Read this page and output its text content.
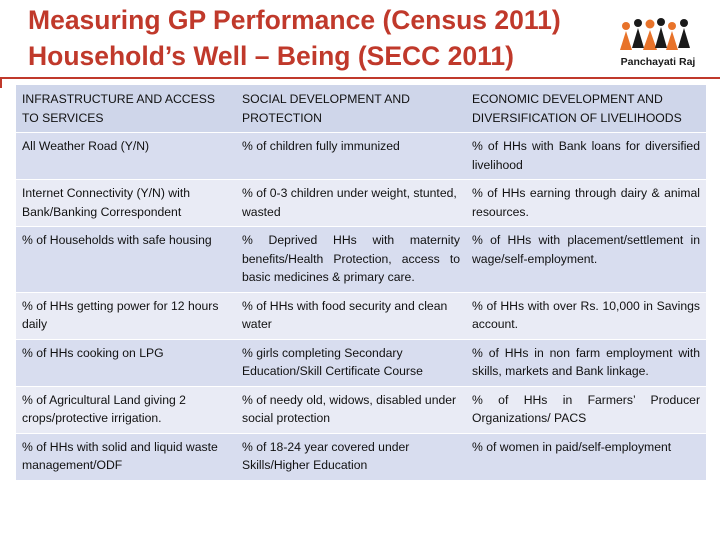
Measuring GP Performance (Census 2011)
Household’s Well – Being (SECC 2011)	Panchayati Raj
INFRASTRUCTURE AND ACCESS TO SERVICES	SOCIAL DEVELOPMENT AND PROTECTION	ECONOMIC DEVELOPMENT AND DIVERSIFICATION OF LIVELIHOODS
All Weather Road (Y/N)	% of children fully immunized	% of HHs with Bank loans for diversified livelihood
Internet Connectivity (Y/N) with Bank/Banking Correspondent	% of 0-3 children under weight, stunted, wasted	% of HHs earning through dairy & animal resources.
% of Households with safe housing	% Deprived HHs with maternity benefits/Health Protection, access to basic medicines & primary care.	% of HHs with placement/settlement in wage/self-employment.
% of HHs getting power for 12 hours daily	% of HHs with food security and clean water	% of HHs with over Rs. 10,000 in Savings account.
% of HHs cooking on LPG	% girls completing Secondary Education/Skill Certificate Course	% of HHs in non farm employment with skills, markets and Bank linkage.
% of Agricultural Land giving 2 crops/protective irrigation.	% of needy old, widows, disabled under social protection	% of HHs in Farmers’ Producer Organizations/ PACS
% of HHs with solid and liquid waste management/ODF	% of 18-24 year covered under Skills/Higher Education	% of women in paid/self-employment
